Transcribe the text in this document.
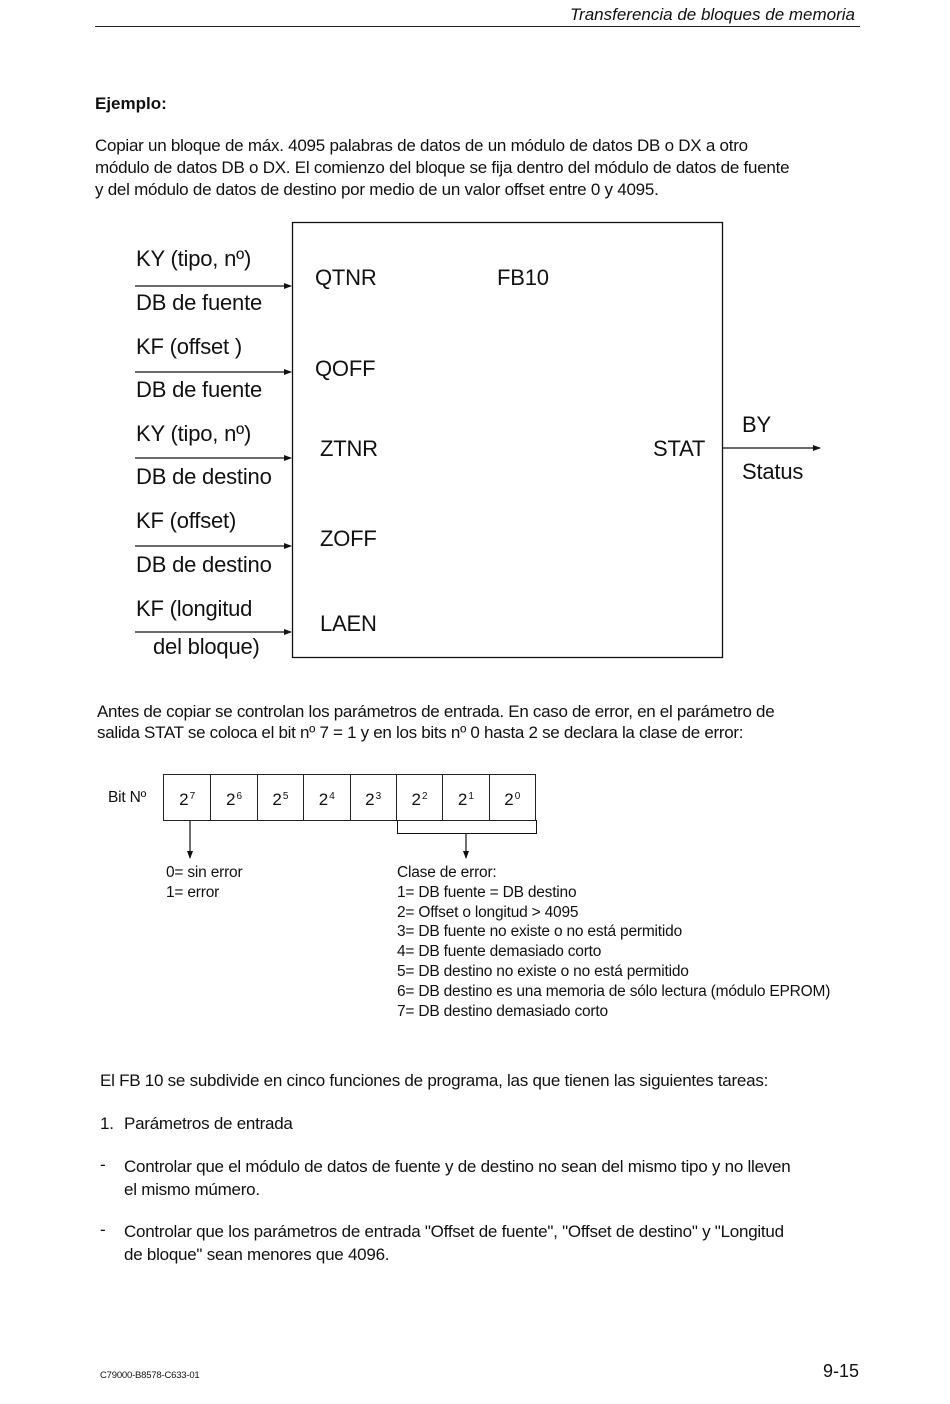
Transferencia de bloques de memoria
Ejemplo:
Copiar un bloque de máx. 4095 palabras de datos de un módulo de datos DB o DX a otro
módulo de datos DB o DX. El comienzo del bloque se fija dentro del módulo de datos de fuente
y del módulo de datos de destino por medio de un valor offset entre 0 y 4095.
KY (tipo, nº)
DB de fuente
KF (offset )
DB de fuente
KY (tipo, nº)
DB de destino
KF (offset)
DB de destino
KF (longitud
del bloque)
QTNR	FB10
QOFF
ZTNR	STAT
ZOFF
LAEN
BY
Status
Antes de copiar se controlan los parámetros de entrada. En caso de error, en el parámetro de
salida STAT se coloca el bit nº 7 = 1 y en los bits nº 0 hasta 2 se declara la clase de error:
Bit Nº $2^7$ $2^6$ $2^5$ $2^4$ $2^3$ $2^2$ $2^1$ $2^0$
0= sin error
1= error
Clase de error:
1= DB fuente = DB destino
2= Offset o longitud > 4095
3= DB fuente no existe o no está permitido
4= DB fuente demasiado corto
5= DB destino no existe o no está permitido
6= DB destino es una memoria de sólo lectura (módulo EPROM)
7= DB destino demasiado corto
El FB 10 se subdivide en cinco funciones de programa, las que tienen las siguientes tareas:
1. Parámetros de entrada
- Controlar que el módulo de datos de fuente y de destino no sean del mismo tipo y no lleven
el mismo múmero.
- Controlar que los parámetros de entrada "Offset de fuente", "Offset de destino" y "Longitud
de bloque" sean menores que 4096.
C79000-B8578-C633-01	9-15
